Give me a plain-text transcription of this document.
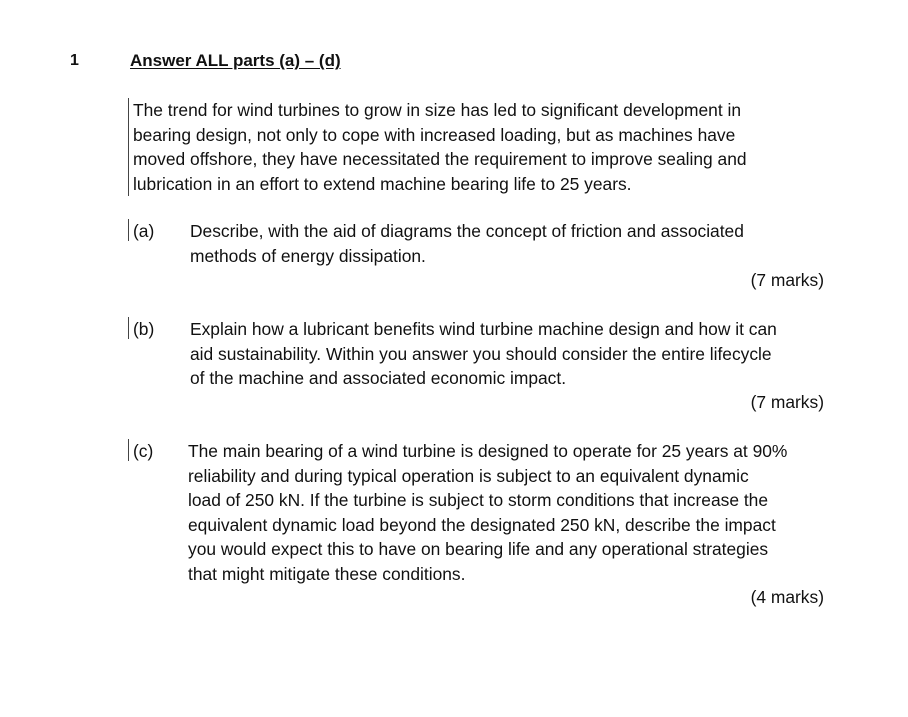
1	Answer ALL parts (a) – (d)
The trend for wind turbines to grow in size has led to significant development in
bearing design, not only to cope with increased loading, but as machines have
moved offshore, they have necessitated the requirement to improve sealing and
lubrication in an effort to extend machine bearing life to 25 years.
(a) Describe, with the aid of diagrams the concept of friction and associated
methods of energy dissipation.
(7 marks)
(b) Explain how a lubricant benefits wind turbine machine design and how it can
aid sustainability. Within you answer you should consider the entire lifecycle
of the machine and associated economic impact.
(7 marks)
(c) The main bearing of a wind turbine is designed to operate for 25 years at 90%
reliability and during typical operation is subject to an equivalent dynamic
load of 250 kN. If the turbine is subject to storm conditions that increase the
equivalent dynamic load beyond the designated 250 kN, describe the impact
you would expect this to have on bearing life and any operational strategies
that might mitigate these conditions.
(4 marks)
